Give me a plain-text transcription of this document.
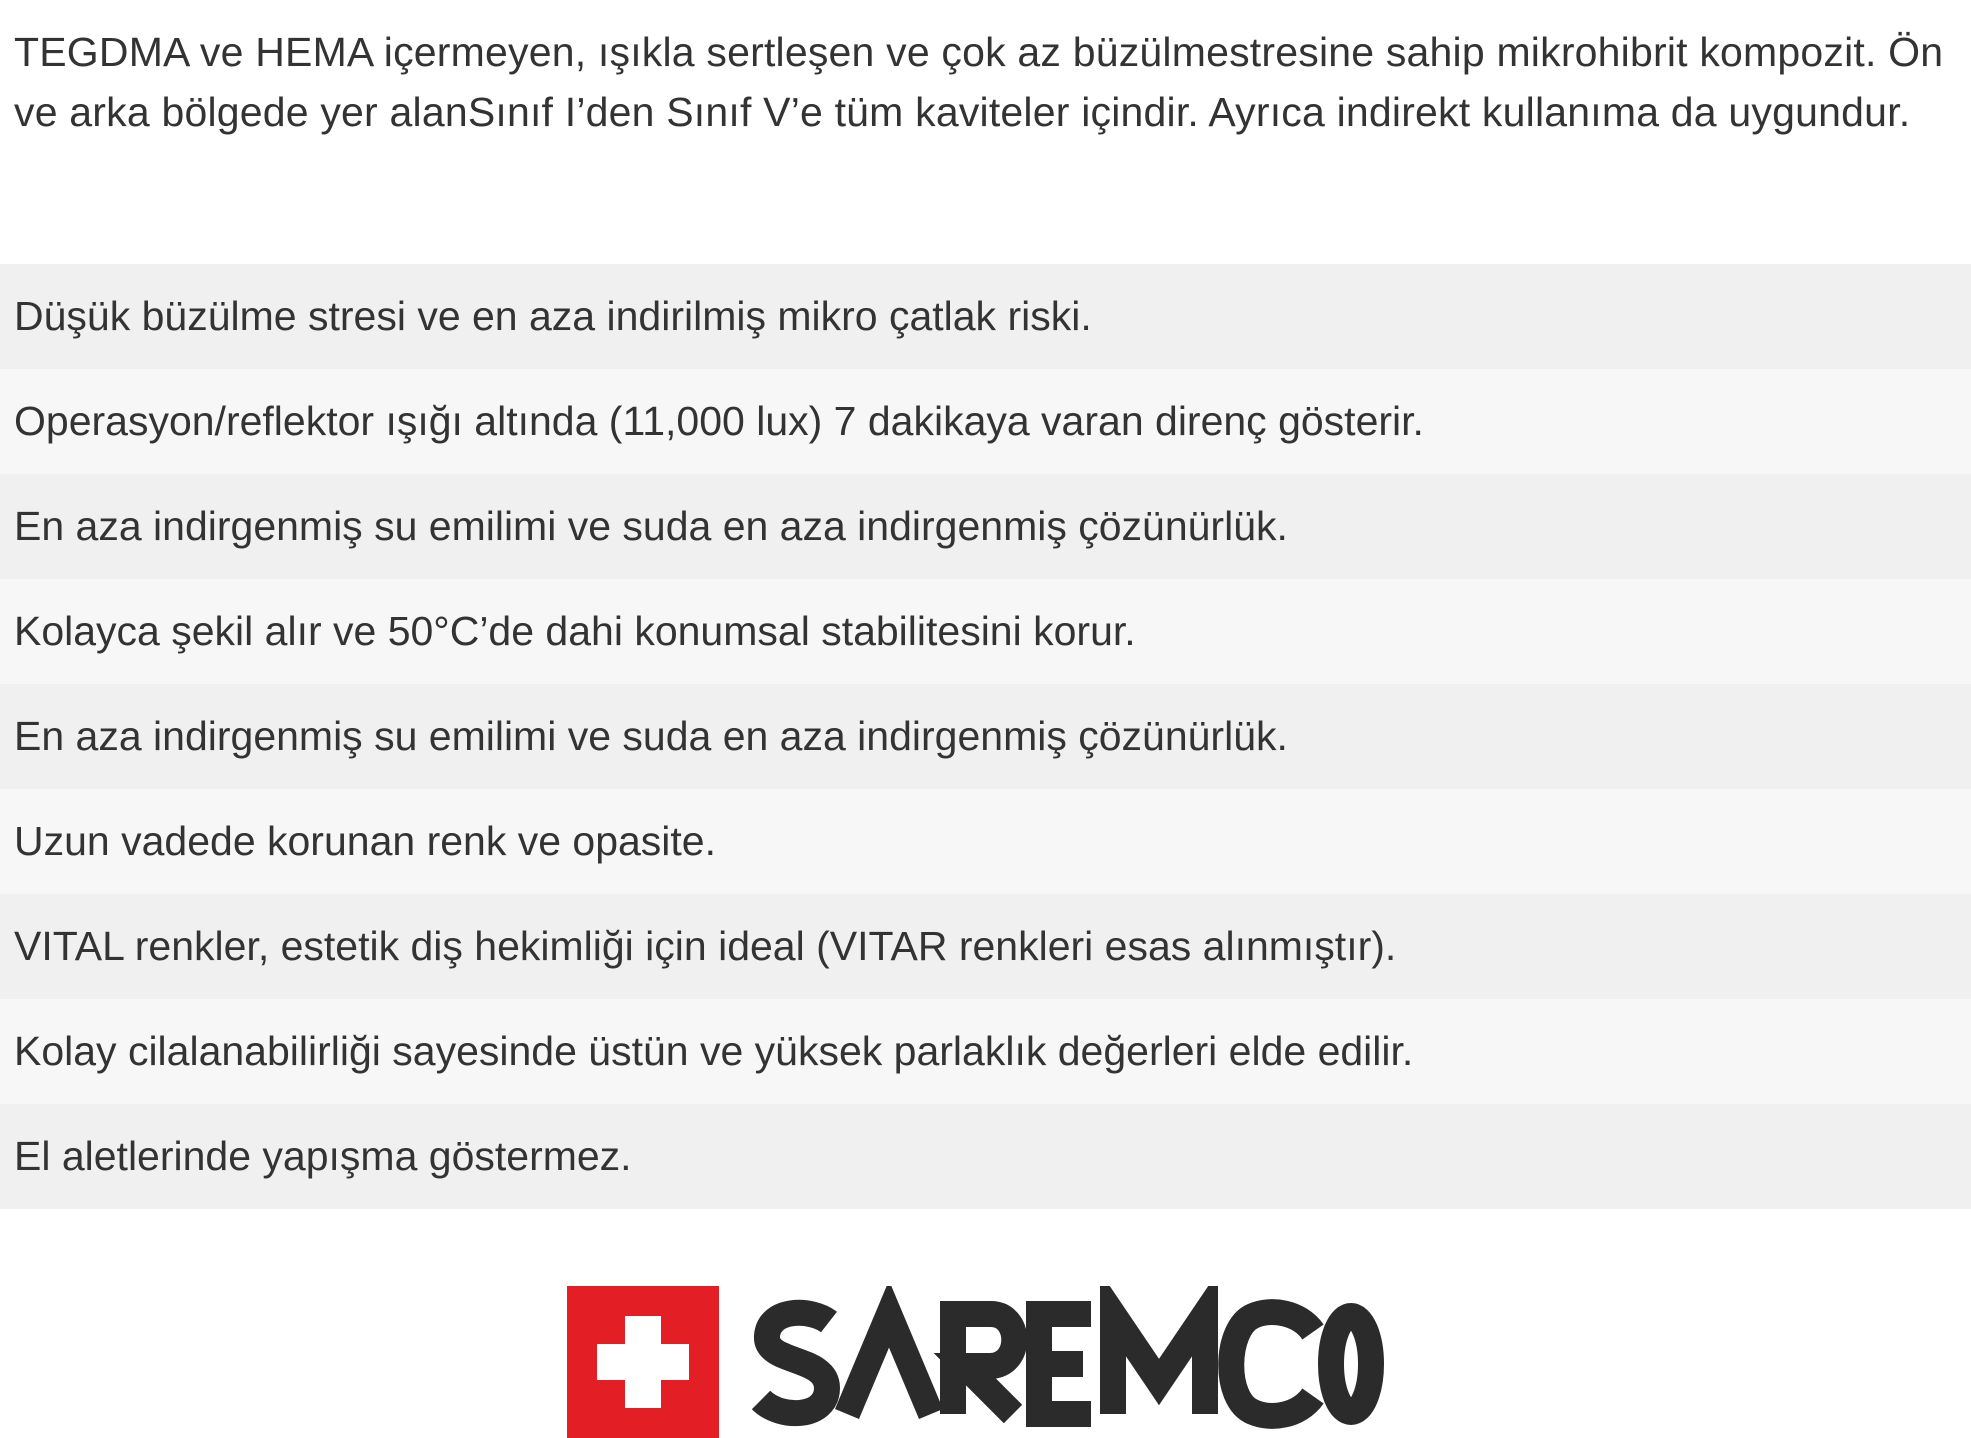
TEGDMA ve HEMA içermeyen, ışıkla sertleşen ve çok az büzülmestresine sahip mikrohibrit kompozit. Ön ve arka bölgede yer alanSınıf I’den Sınıf V’e tüm kaviteler içindir. Ayrıca indirekt kullanıma da uygundur.

Düşük büzülme stresi ve en aza indirilmiş mikro çatlak riski.
Operasyon/reflektor ışığı altında (11,000 lux) 7 dakikaya varan direnç gösterir.
En aza indirgenmiş su emilimi ve suda en aza indirgenmiş çözünürlük.
Kolayca şekil alır ve 50°C’de dahi konumsal stabilitesini korur.
En aza indirgenmiş su emilimi ve suda en aza indirgenmiş çözünürlük.
Uzun vadede korunan renk ve opasite.
VITAL renkler, estetik diş hekimliği için ideal (VITAR renkleri esas alınmıştır).
Kolay cilalanabilirliği sayesinde üstün ve yüksek parlaklık değerleri elde edilir.
El aletlerinde yapışma göstermez.
